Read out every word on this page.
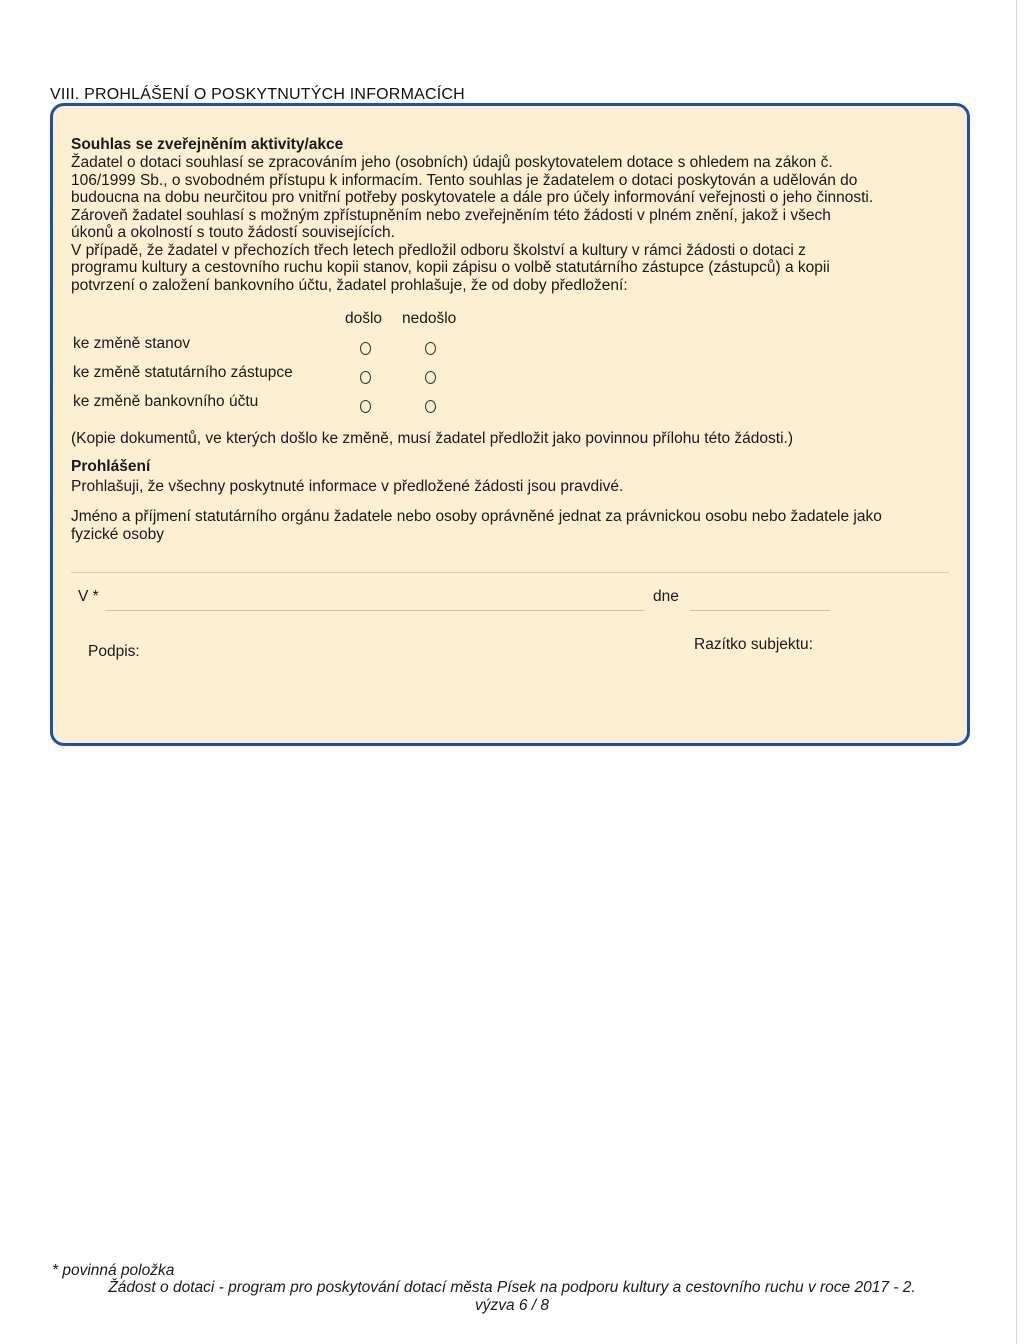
VIII. PROHLÁŠENÍ O POSKYTNUTÝCH INFORMACÍCH
Souhlas se zveřejněním aktivity/akce

Žadatel o dotaci souhlasí se zpracováním jeho (osobních) údajů poskytovatelem dotace s ohledem na zákon č.

106/1999 Sb., o svobodném přístupu k informacím. Tento souhlas je žadatelem o dotaci poskytován a udělován do

budoucna na dobu neurčitou pro vnitřní potřeby poskytovatele a dále pro účely informování veřejnosti o jeho činnosti.

Zároveň žadatel souhlasí s možným zpřístupněním nebo zveřejněním této žádosti v plném znění, jakož i všech

úkonů a okolností s touto žádostí souvisejících.

V případě, že žadatel v přechozích třech letech předložil odboru školství a kultury v rámci žádosti o dotaci z

programu kultury a cestovního ruchu kopii stanov, kopii zápisu o volbě statutárního zástupce (zástupců) a kopii

potvrzení o založení bankovního účtu, žadatel prohlašuje, že od doby předložení:

došlo nedošlo
ke změně stanov
ke změně statutárního zástupce
ke změně bankovního účtu
(Kopie dokumentů, ve kterých došlo ke změně, musí žadatel předložit jako povinnou přílohu této žádosti.)
Prohlášení
Prohlašuji, že všechny poskytnuté informace v předložené žádosti jsou pravdivé.
Jméno a příjmení statutárního orgánu žadatele nebo osoby oprávněné jednat za právnickou osobu nebo žadatele jako fyzické osoby
V *	dne
Podpis:	Razítko subjektu:
* povinná položka
Žádost o dotaci - program pro poskytování dotací města Písek na podporu kultury a cestovního ruchu v roce 2017 - 2.
výzva 6 / 8
